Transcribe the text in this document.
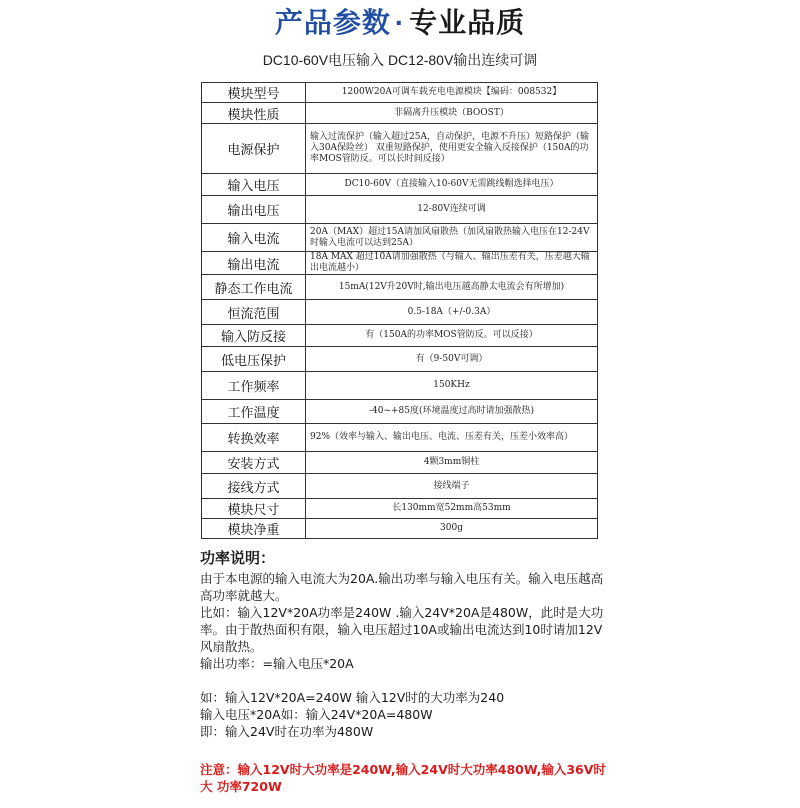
产品参数 · 专业品质
DC10-60V电压输入 DC12-80V输出连续可调
模块型号	1200W20A可调车载充电电源模块【编码：008532】
模块性质	非隔离升压模块（BOOST）
电源保护	输入过流保护（输入超过25A，自动保护，电源不升压）短路保护（输入30A保险丝） 双重短路保护，使用更安全输入反接保护（150A的功率MOS管防反。可以长时间反接）
输入电压	DC10-60V（直接输入10-60V无需跳线帽选择电压）
输出电压	12-80V连续可调
输入电流	20A（MAX）超过15A请加风扇散热（加风扇散热输入电压在12-24V时输入电流可以达到25A）
输出电流	18A MAX 超过10A请加强散热（与输入、输出压差有关，压差越大输出电流越小）
静态工作电流	15mA(12V升20V时,输出电压越高静太电流会有所增加)
恒流范围	0.5-18A（+/-0.3A）
输入防反接	有（150A的功率MOS管防反。可以反接）
低电压保护	有（9-50V可调）
工作频率	150KHz
工作温度	-40~+85度(环境温度过高时请加强散热)
转换效率	92%（效率与输入、输出电压、电流、压差有关，压差小效率高）
安装方式	4颗3mm铜柱
接线方式	接线端子
模块尺寸	长130mm宽52mm高53mm
模块净重	300g
功率说明：

由于本电源的输入电流大为20A.输出功率与输入电压有关。输入电压越高高功率就越大。

比如：输入12V*20A功率是240W .输入24V*20A是480W，此时是大功率。由于散热面积有限，输入电压超过10A或输出电流达到10时请加12V风扇散热。

输出功率：=输入电压*20A

如：输入12V*20A=240W 输入12V时的大功率为240

输入电压*20A如：输入24V*20A=480W

即：输入24V时在功率为480W

注意：输入12V时大功率是240W,输入24V时大功率480W,输入36V时大 功率720W
